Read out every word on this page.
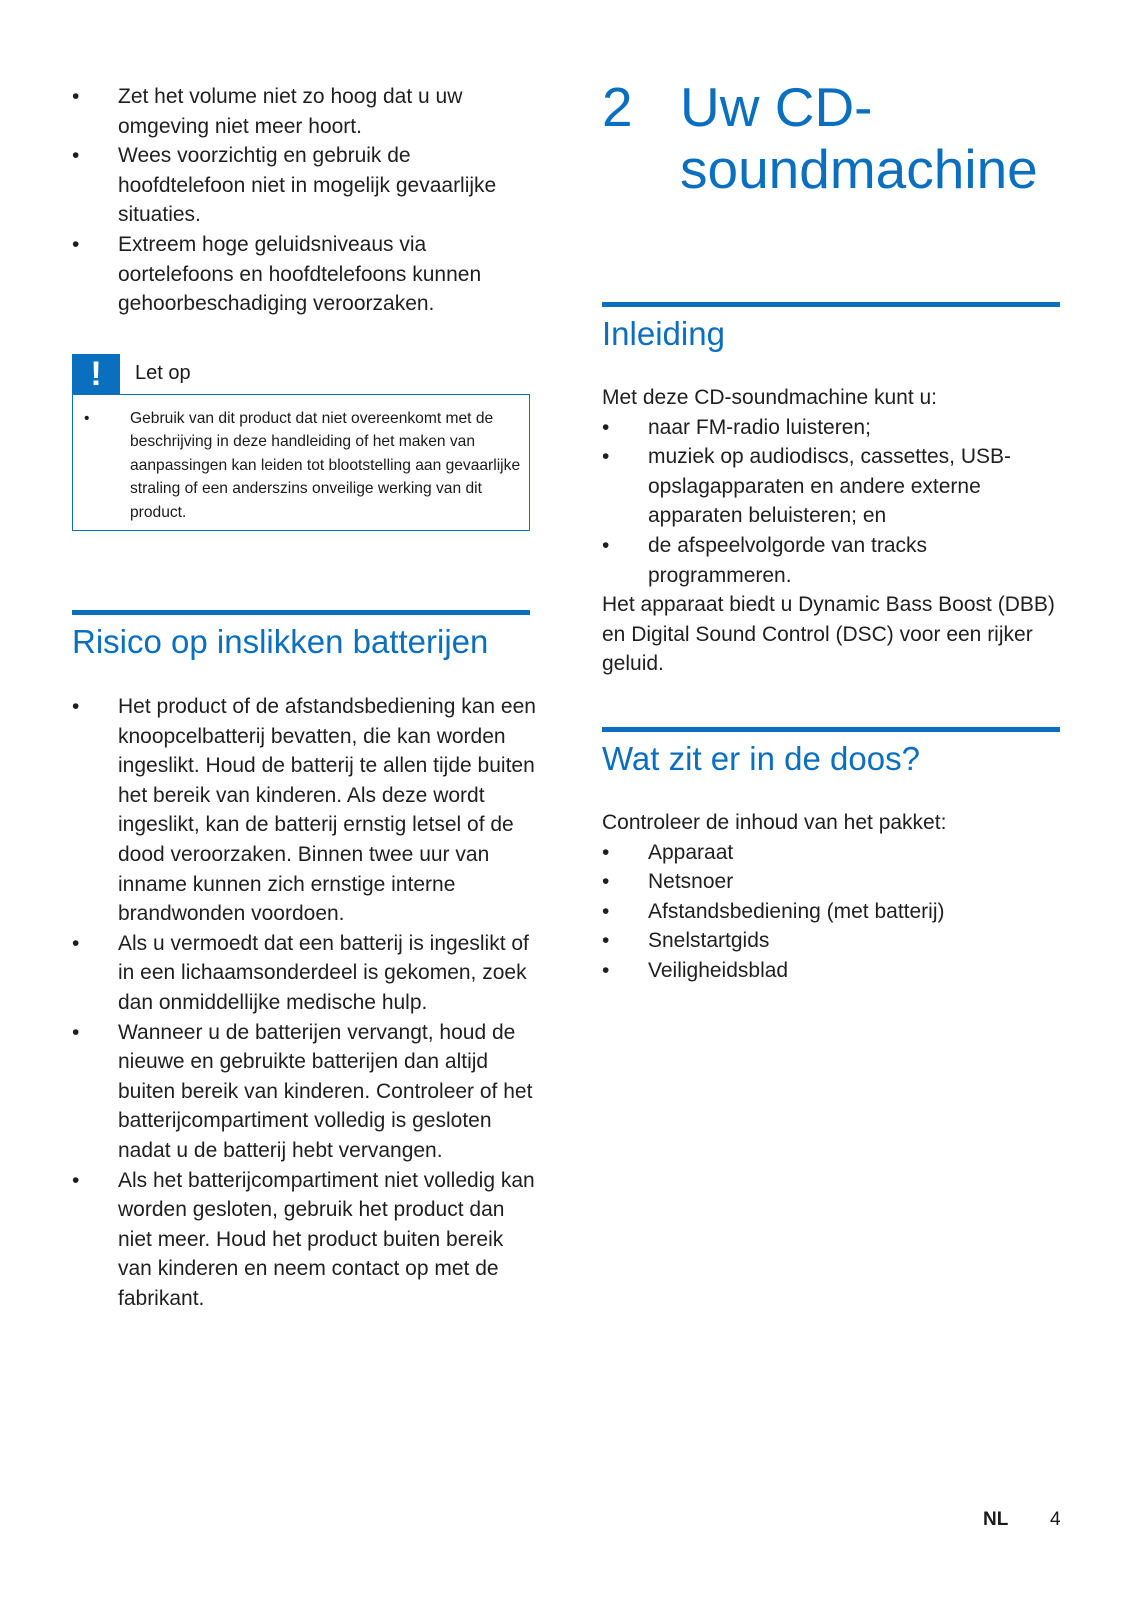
• Zet het volume niet zo hoog dat u uw omgeving niet meer hoort.
• Wees voorzichtig en gebruik de hoofdtelefoon niet in mogelijk gevaarlijke situaties.
• Extreem hoge geluidsniveaus via oortelefoons en hoofdtelefoons kunnen gehoorbeschadiging veroorzaken.
!	Let op
•	Gebruik van dit product dat niet overeenkomt met de beschrijving in deze handleiding of het maken van aanpassingen kan leiden tot blootstelling aan gevaarlijke straling of een anderszins onveilige werking van dit product.
Risico op inslikken batterijen
• Het product of de afstandsbediening kan een knoopcelbatterij bevatten, die kan worden ingeslikt. Houd de batterij te allen tijde buiten het bereik van kinderen. Als deze wordt ingeslikt, kan de batterij ernstig letsel of de dood veroorzaken. Binnen twee uur van inname kunnen zich ernstige interne brandwonden voordoen.
• Als u vermoedt dat een batterij is ingeslikt of in een lichaamsonderdeel is gekomen, zoek dan onmiddellijke medische hulp.
• Wanneer u de batterijen vervangt, houd de nieuwe en gebruikte batterijen dan altijd buiten bereik van kinderen. Controleer of het batterijcompartiment volledig is gesloten nadat u de batterij hebt vervangen.
• Als het batterijcompartiment niet volledig kan worden gesloten, gebruik het product dan niet meer. Houd het product buiten bereik van kinderen en neem contact op met de fabrikant.
2 Uw CD-soundmachine
Inleiding
Met deze CD-soundmachine kunt u:
• naar FM-radio luisteren;
• muziek op audiodiscs, cassettes, USB-opslagapparaten en andere externe apparaten beluisteren; en
• de afspeelvolgorde van tracks programmeren.
Het apparaat biedt u Dynamic Bass Boost (DBB) en Digital Sound Control (DSC) voor een rijker geluid.
Wat zit er in de doos?
Controleer de inhoud van het pakket:
• Apparaat
• Netsnoer
• Afstandsbediening (met batterij)
• Snelstartgids
• Veiligheidsblad
NL 4
